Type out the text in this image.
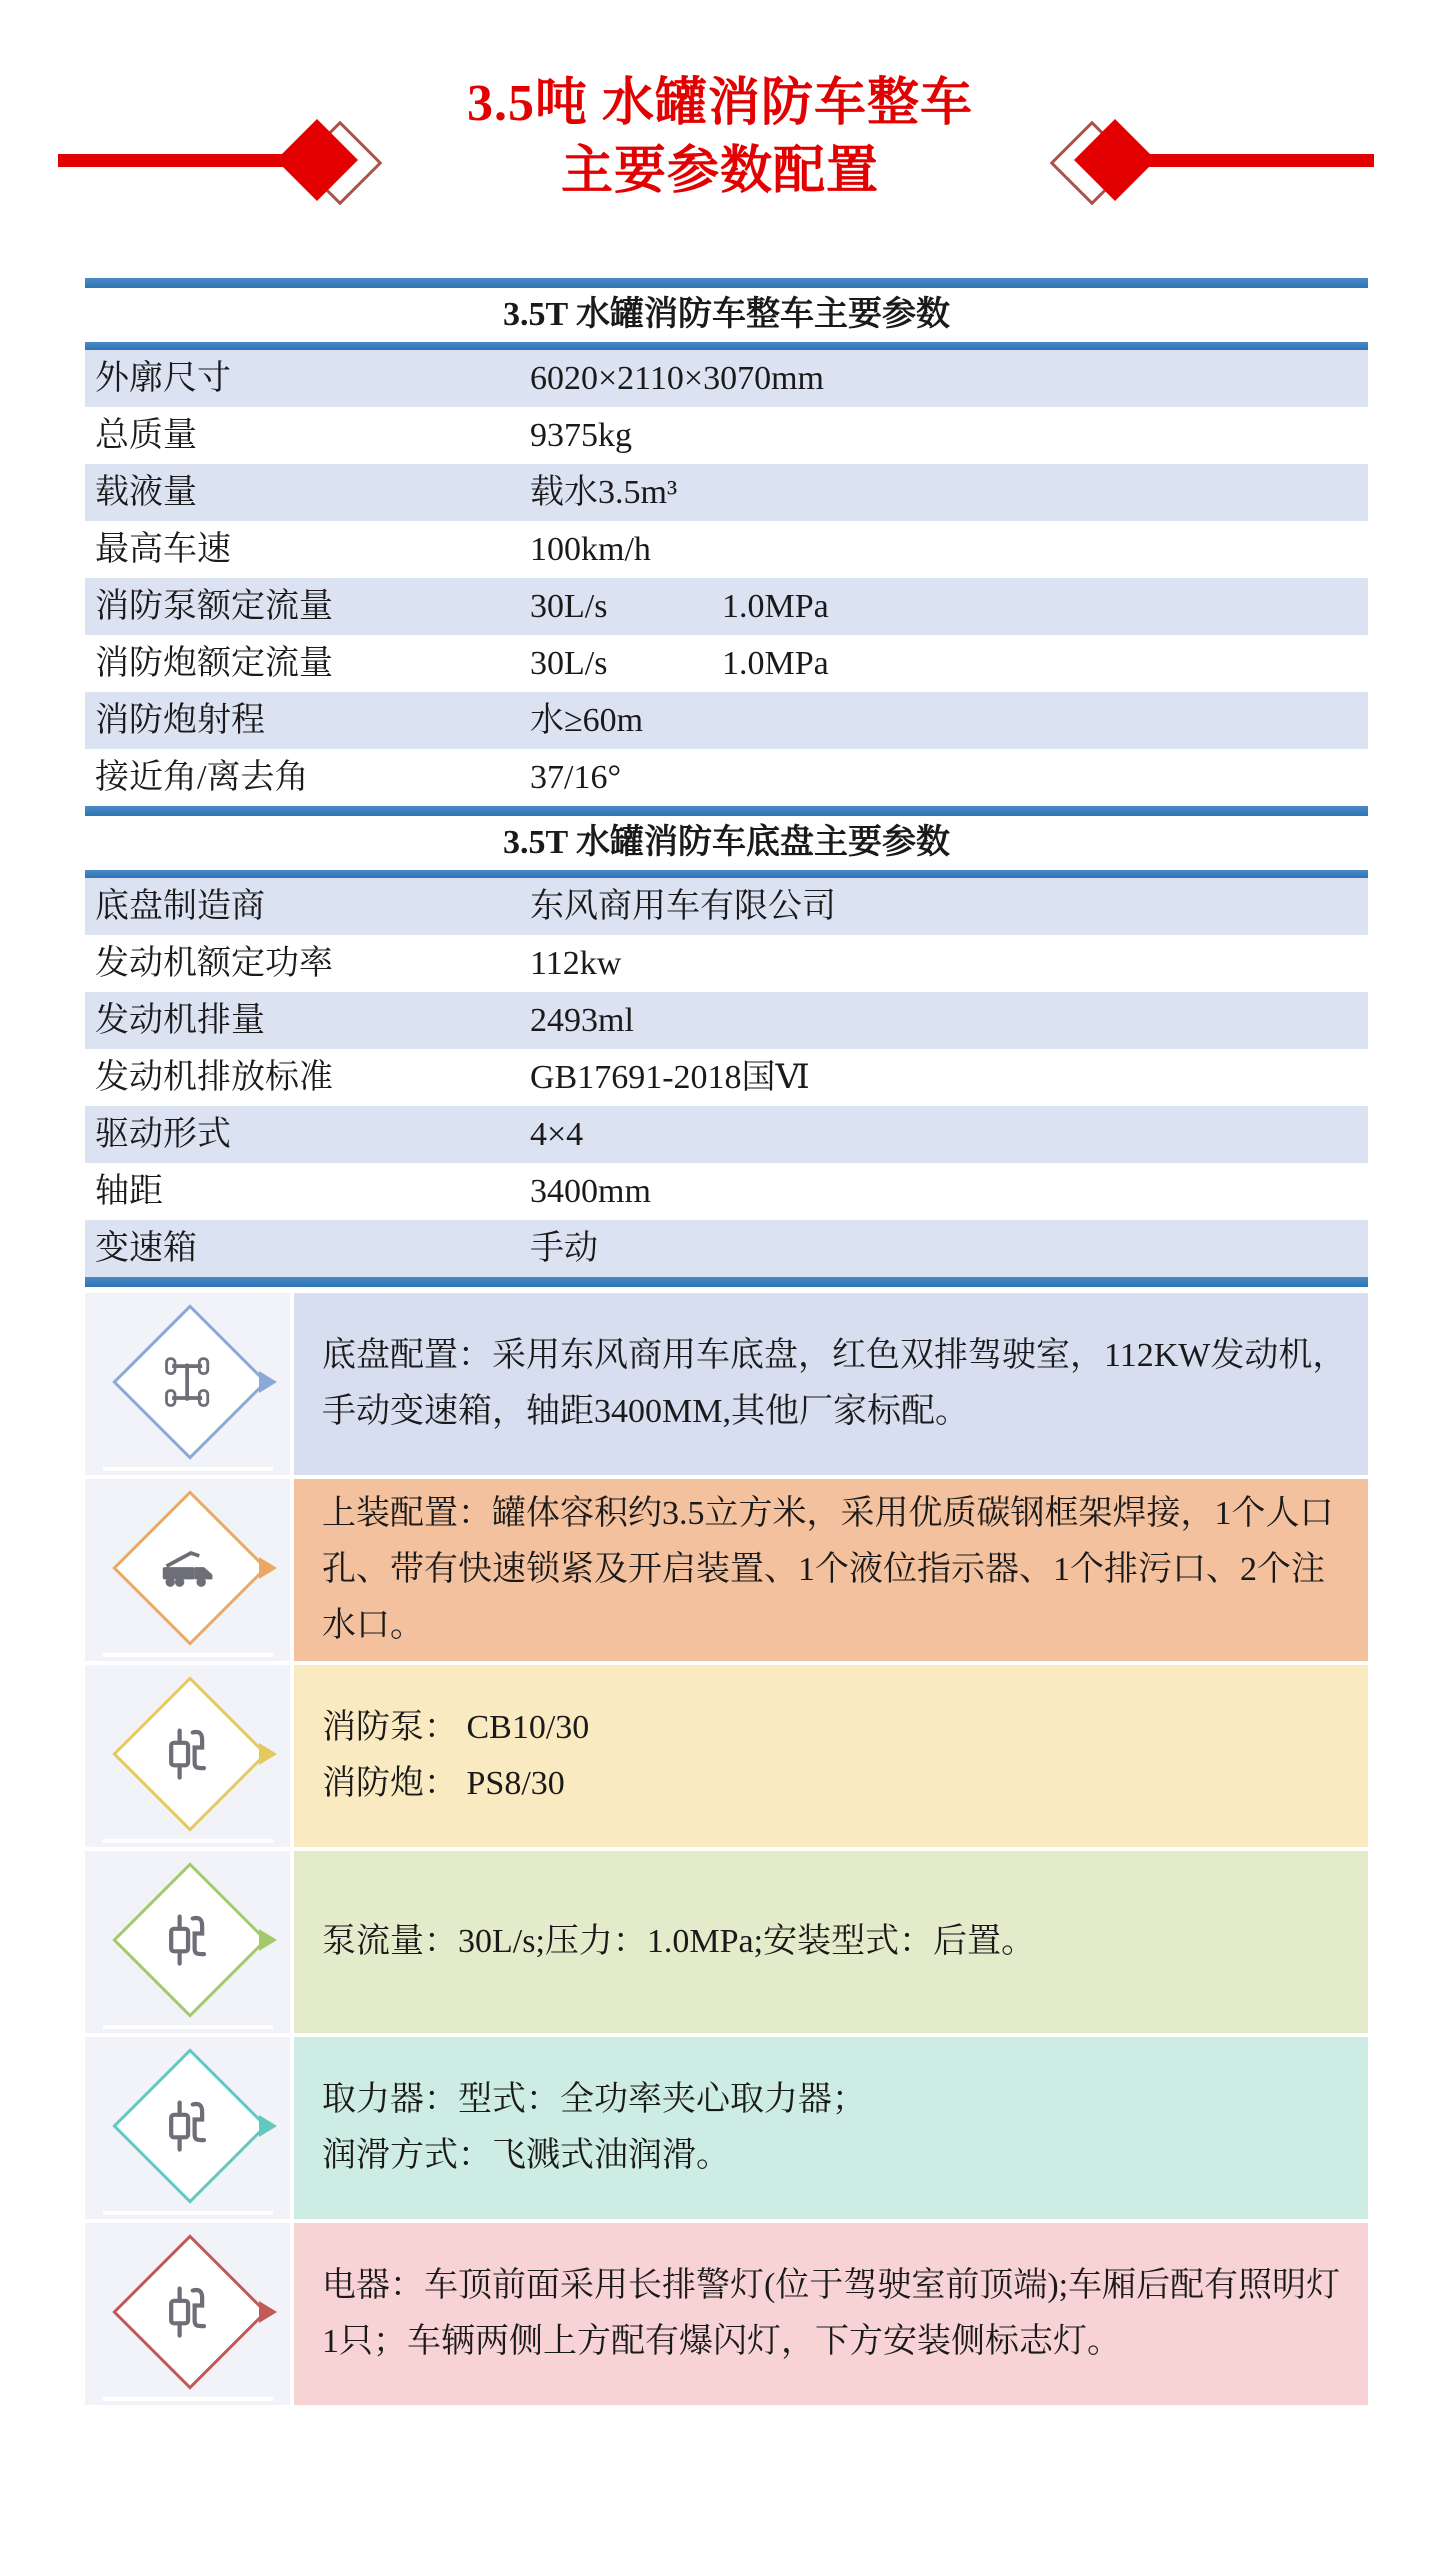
3.5吨 水罐消防车整车
主要参数配置
3.5T 水罐消防车整车主要参数
外廓尺寸	6020×2110×3070mm
总质量	9375kg
载液量	载水3.5m³
最高车速	100km/h
消防泵额定流量	30L/s	1.0MPa
消防炮额定流量	30L/s	1.0MPa
消防炮射程	水≥60m
接近角/离去角	37/16°
3.5T 水罐消防车底盘主要参数
底盘制造商	东风商用车有限公司
发动机额定功率	112kw
发动机排量	2493ml
发动机排放标准	GB17691-2018国Ⅵ
驱动形式	4×4
轴距	3400mm
变速箱	手动

底盘配置：采用东风商用车底盘，红色双排驾驶室，112KW发动机，手动变速箱，轴距3400MM,其他厂家标配。

上装配置：罐体容积约3.5立方米，采用优质碳钢框架焊接，1个人口孔、带有快速锁紧及开启装置、1个液位指示器、1个排污口、2个注水口。

消防泵： CB10/30

消防炮： PS8/30

泵流量：30L/s;压力：1.0MPa;安装型式：后置。

取力器：型式：全功率夹心取力器；

润滑方式：飞溅式油润滑。

电器：车顶前面采用长排警灯(位于驾驶室前顶端);车厢后配有照明灯1只；车辆两侧上方配有爆闪灯，下方安装侧标志灯。
